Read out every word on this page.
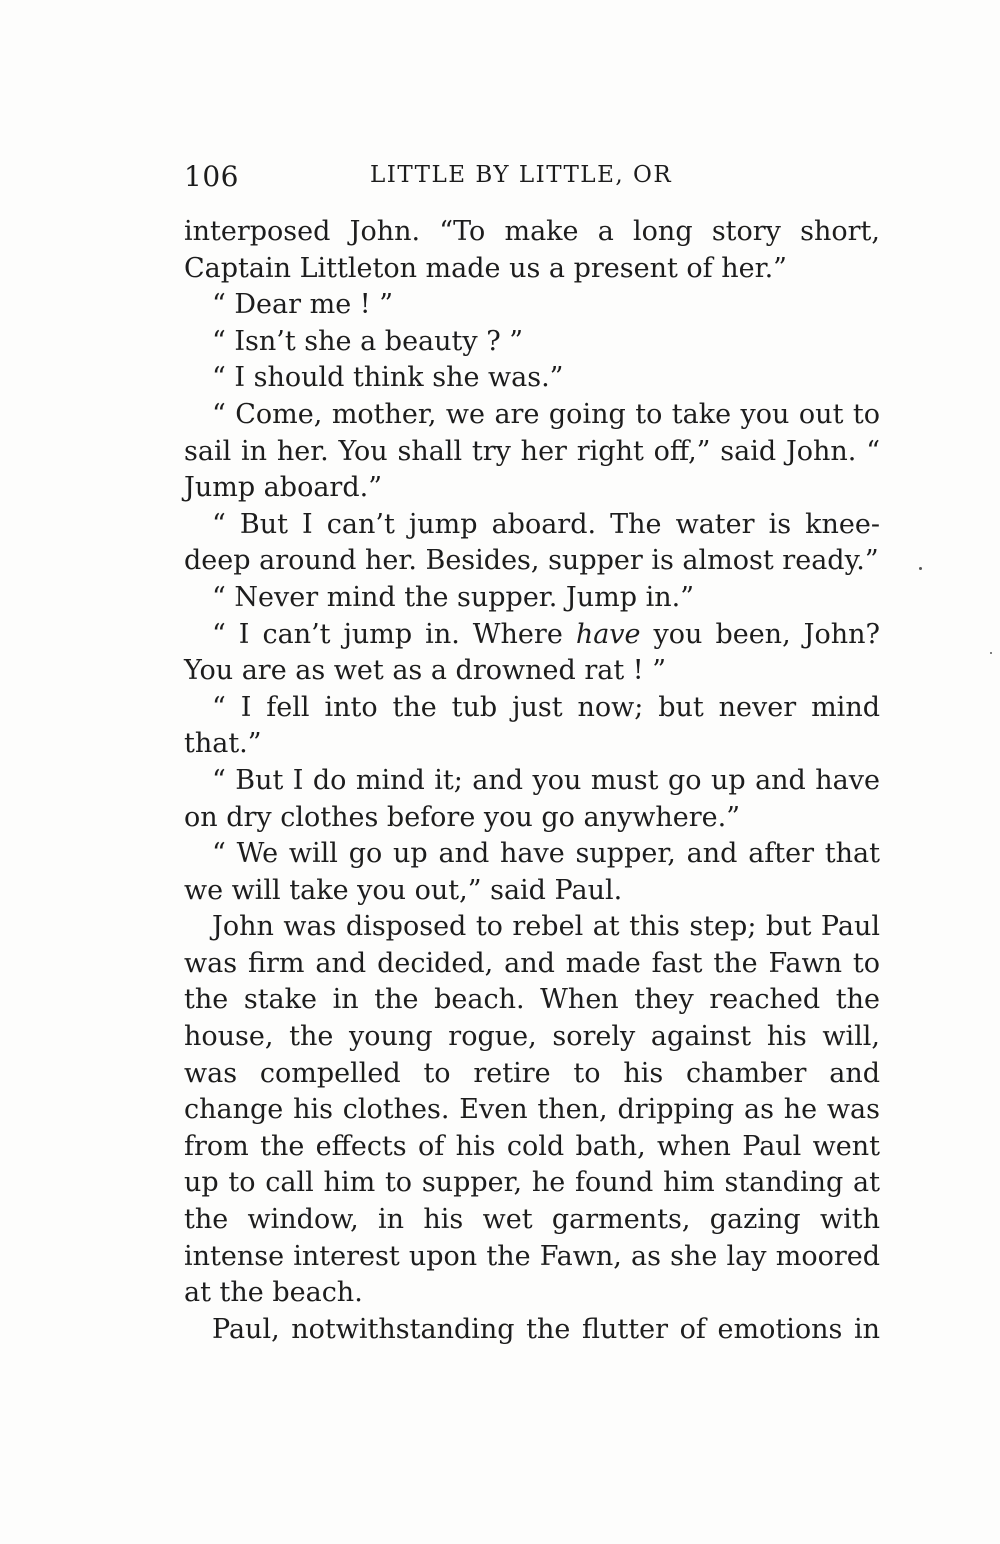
106	LITTLE BY LITTLE, OR

interposed John. “To make a long story short, Captain Littleton made us a present of her.”

“ Dear me ! ”

“ Isn’t she a beauty ? ”

“ I should think she was.”

“ Come, mother, we are going to take you out to sail in her. You shall try her right off,” said John. “ Jump aboard.”

“ But I can’t jump aboard. The water is knee-deep around her. Besides, supper is almost ready.”

“ Never mind the supper. Jump in.”

“ I can’t jump in. Where have you been, John? You are as wet as a drowned rat ! ”

“ I fell into the tub just now; but never mind that.”

“ But I do mind it; and you must go up and have on dry clothes before you go anywhere.”

“ We will go up and have supper, and after that we will take you out,” said Paul.

John was disposed to rebel at this step; but Paul was firm and decided, and made fast the Fawn to the stake in the beach. When they reached the house, the young rogue, sorely against his will, was compelled to retire to his chamber and change his clothes. Even then, dripping as he was from the effects of his cold bath, when Paul went up to call him to supper, he found him standing at the window, in his wet garments, gazing with intense interest upon the Fawn, as she lay moored at the beach.

Paul, notwithstanding the flutter of emotions in
